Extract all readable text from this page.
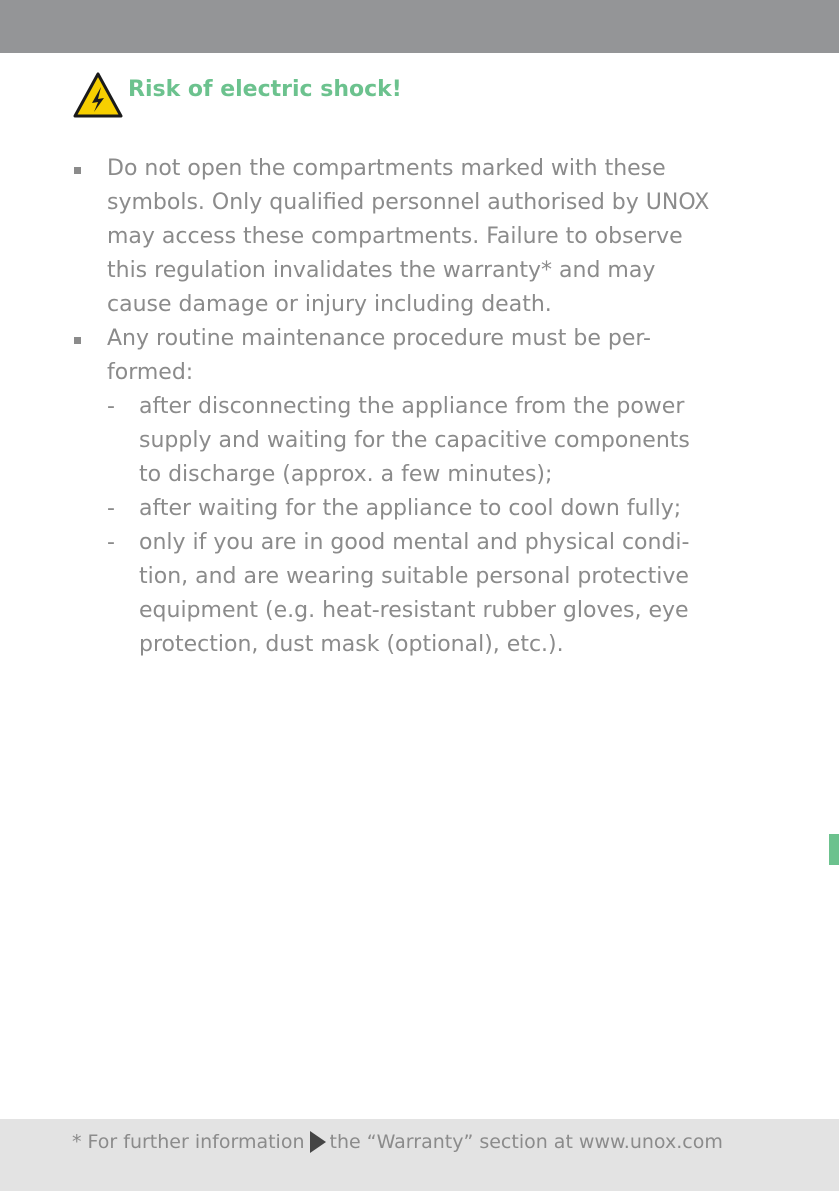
Risk of electric shock!
Do not open the compartments marked with these
symbols. Only qualified personnel authorised by UNOX
may access these compartments. Failure to observe
this regulation invalidates the warranty* and may
cause damage or injury including death.
Any routine maintenance procedure must be per-
formed:
- after disconnecting the appliance from the power
supply and waiting for the capacitive components
to discharge (approx. a few minutes);
- after waiting for the appliance to cool down fully;
- only if you are in good mental and physical condi-
tion, and are wearing suitable personal protective
equipment (e.g. heat-resistant rubber gloves, eye
protection, dust mask (optional), etc.).
* For further information the “Warranty” section at www.unox.com
